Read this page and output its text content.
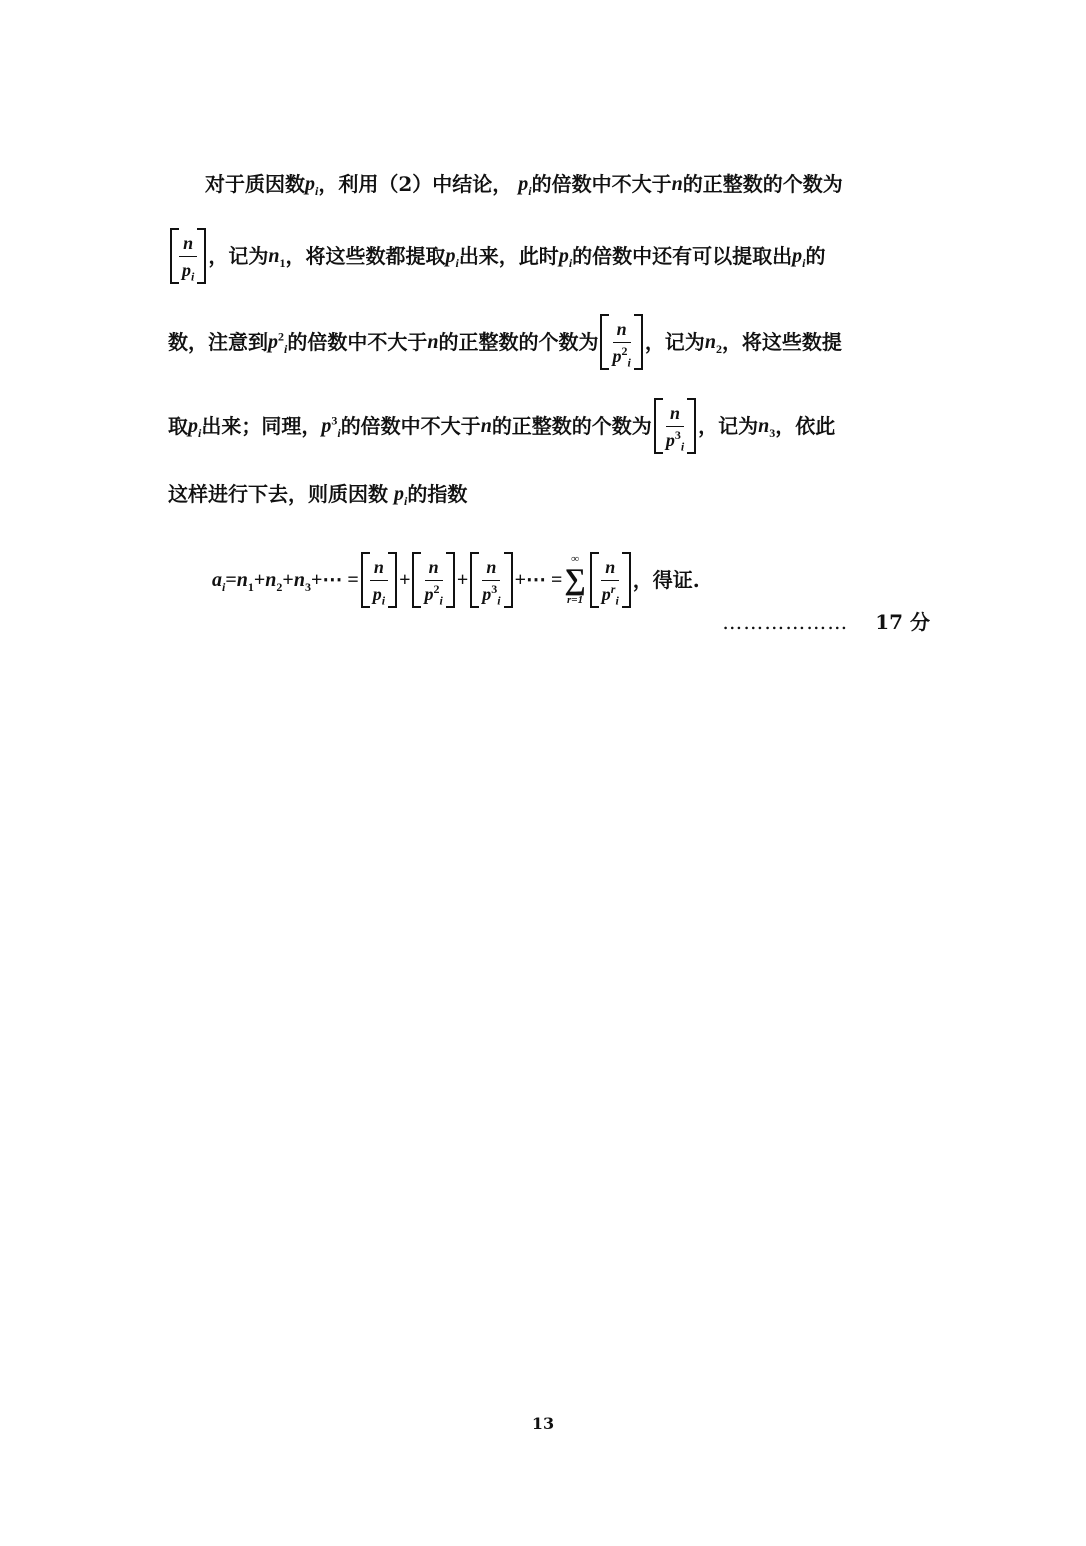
对于质因数 $p_i$ ，利用（2）中结论， $p_i$ 的倍数中不大于 n 的正整数的个数为
$\frac{n}{p_i}$ ，记为 $n_1$ ，将这些数都提取 $p_i$ 出来，此时 $p_i$ 的倍数中还有可以提取出 $p_i$ 的
数，注意到 $p^2_i$ 的倍数中不大于 n 的正整数的个数为 $\frac{n}{p^2_i}$ ，记为 $n_2$ ，将这些数提
取 $p_i$ 出来；同理， $p^3_i$ 的倍数中不大于 n 的正整数的个数为 $\frac{n}{p^3_i}$ ，记为 $n_3$ ，依此
这样进行下去，则质因数 $p_i$ 的指数
$a_i = n_1 + n_2 + n_3$ +⋯ = $\frac{n}{p_i} + \frac{n}{p^2_i} + \frac{n}{p^3_i}$ +⋯ =
∞
∑
$r=1 \frac{n}{p^r_i}$ ，得证.
……………… 17 分
13
